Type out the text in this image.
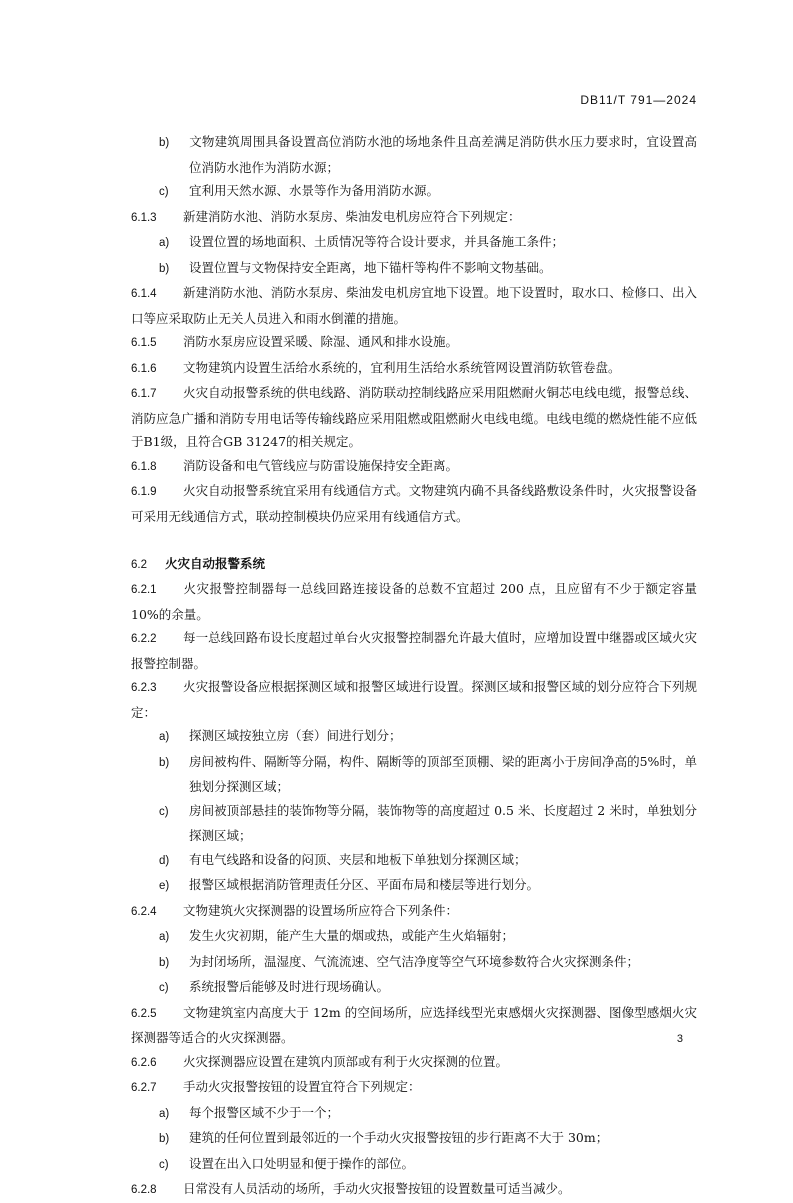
DB11/T 791—2024

b) 文物建筑周围具备设置高位消防水池的场地条件且高差满足消防供水压力要求时，宜设置高位消防水池作为消防水源；

c) 宜利用天然水源、水景等作为备用消防水源。

6.1.3 新建消防水池、消防水泵房、柴油发电机房应符合下列规定：

a) 设置位置的场地面积、土质情况等符合设计要求，并具备施工条件；

b) 设置位置与文物保持安全距离，地下锚杆等构件不影响文物基础。

6.1.4 新建消防水池、消防水泵房、柴油发电机房宜地下设置。地下设置时，取水口、检修口、出入口等应采取防止无关人员进入和雨水倒灌的措施。

6.1.5 消防水泵房应设置采暖、除湿、通风和排水设施。

6.1.6 文物建筑内设置生活给水系统的，宜利用生活给水系统管网设置消防软管卷盘。

6.1.7 火灾自动报警系统的供电线路、消防联动控制线路应采用阻燃耐火铜芯电线电缆，报警总线、消防应急广播和消防专用电话等传输线路应采用阻燃或阻燃耐火电线电缆。电线电缆的燃烧性能不应低于B1级，且符合GB 31247的相关规定。

6.1.8 消防设备和电气管线应与防雷设施保持安全距离。

6.1.9 火灾自动报警系统宜采用有线通信方式。文物建筑内确不具备线路敷设条件时，火灾报警设备可采用无线通信方式，联动控制模块仍应采用有线通信方式。

6.2 火灾自动报警系统

6.2.1 火灾报警控制器每一总线回路连接设备的总数不宜超过 200 点，且应留有不少于额定容量10%的余量。

6.2.2 每一总线回路布设长度超过单台火灾报警控制器允许最大值时，应增加设置中继器或区域火灾报警控制器。

6.2.3 火灾报警设备应根据探测区域和报警区域进行设置。探测区域和报警区域的划分应符合下列规定：

a) 探测区域按独立房（套）间进行划分；

b) 房间被构件、隔断等分隔，构件、隔断等的顶部至顶棚、梁的距离小于房间净高的5%时，单独划分探测区域；

c) 房间被顶部悬挂的装饰物等分隔，装饰物等的高度超过 0.5 米、长度超过 2 米时，单独划分探测区域；

d) 有电气线路和设备的闷顶、夹层和地板下单独划分探测区域；

e) 报警区域根据消防管理责任分区、平面布局和楼层等进行划分。

6.2.4 文物建筑火灾探测器的设置场所应符合下列条件：

a) 发生火灾初期，能产生大量的烟或热，或能产生火焰辐射；

b) 为封闭场所，温湿度、气流流速、空气洁净度等空气环境参数符合火灾探测条件；

c) 系统报警后能够及时进行现场确认。

6.2.5 文物建筑室内高度大于 12m 的空间场所，应选择线型光束感烟火灾探测器、图像型感烟火灾探测器等适合的火灾探测器。

6.2.6 火灾探测器应设置在建筑内顶部或有利于火灾探测的位置。

6.2.7 手动火灾报警按钮的设置宜符合下列规定：

a) 每个报警区域不少于一个；

b) 建筑的任何位置到最邻近的一个手动火灾报警按钮的步行距离不大于 30m；

c) 设置在出入口处明显和便于操作的部位。

6.2.8 日常没有人员活动的场所，手动火灾报警按钮的设置数量可适当减少。

3
